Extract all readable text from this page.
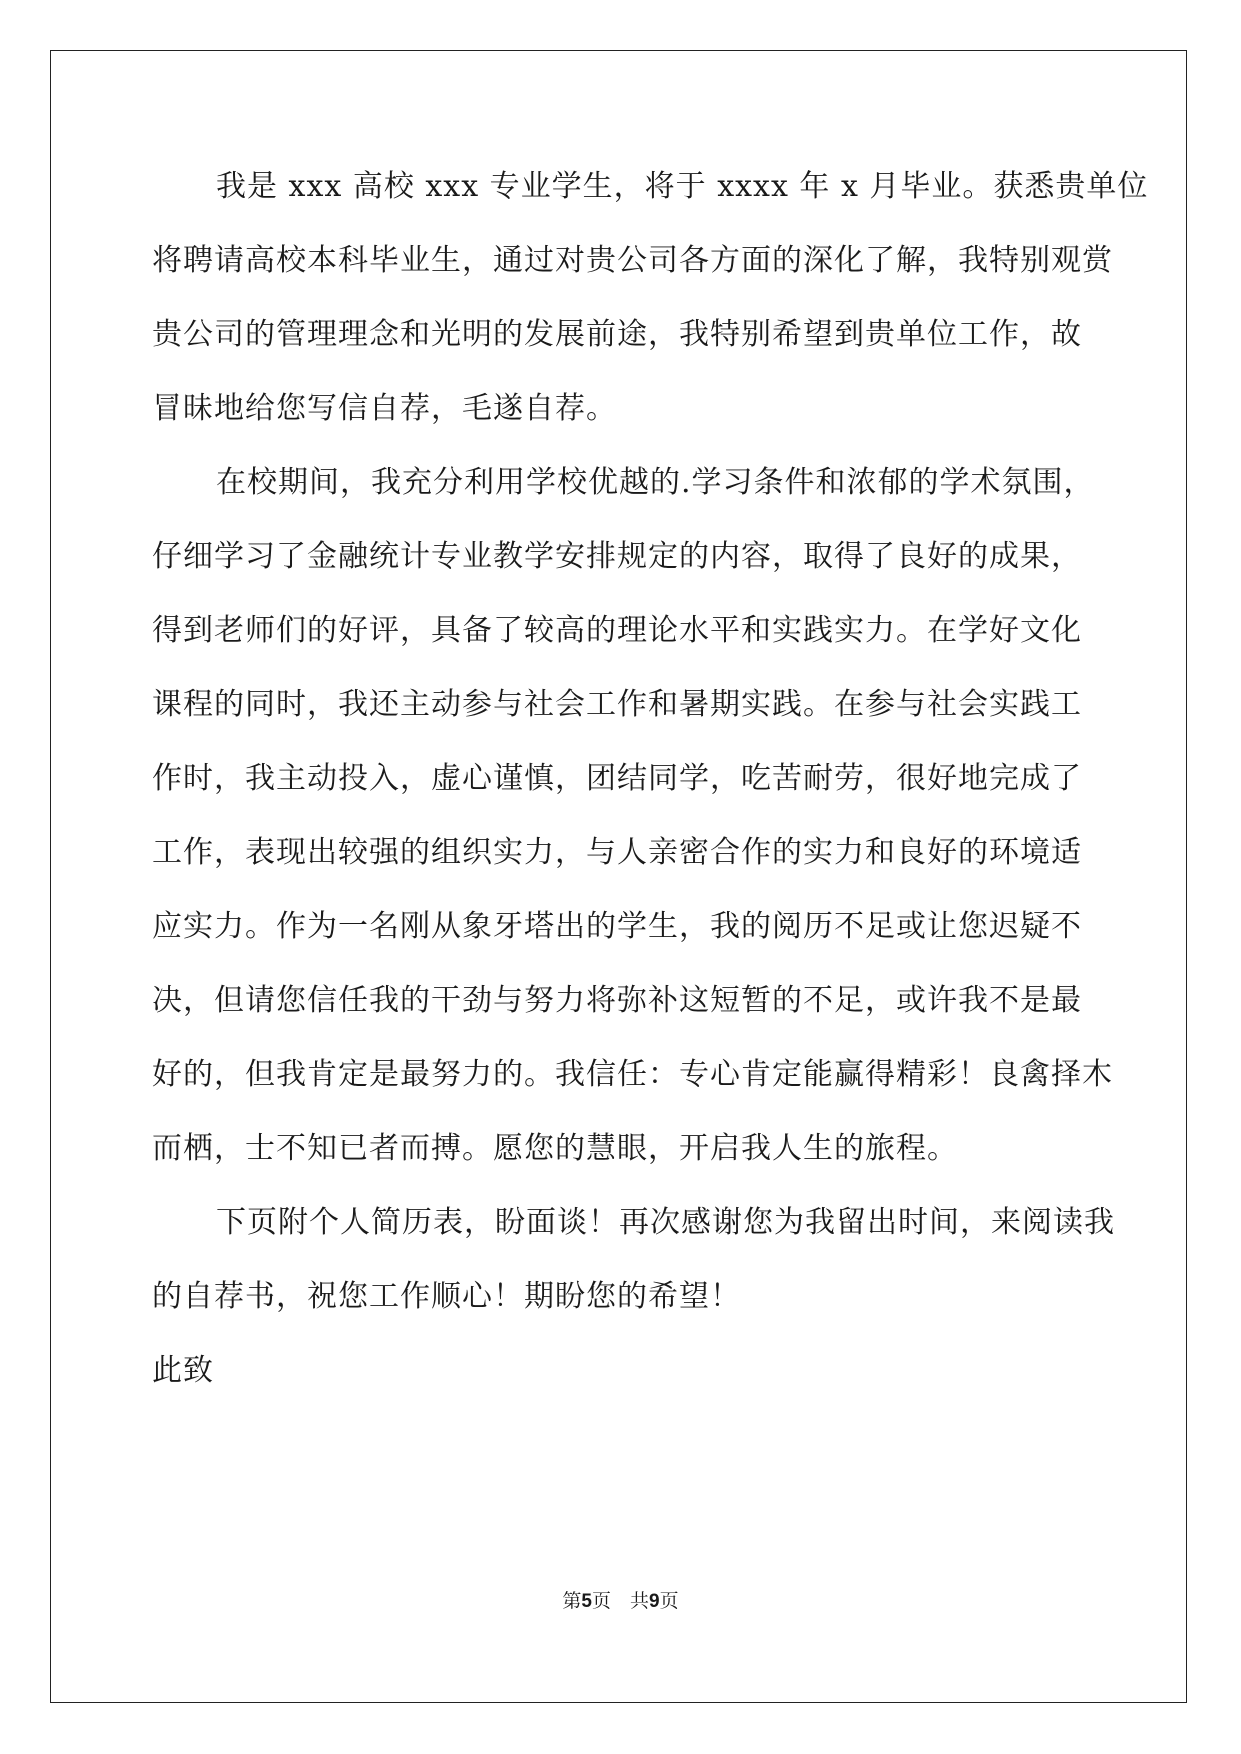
我是 xxx 高校 xxx 专业学生，将于 xxxx 年 x 月毕业。获悉贵单位
将聘请高校本科毕业生，通过对贵公司各方面的深化了解，我特别观赏
贵公司的管理理念和光明的发展前途，我特别希望到贵单位工作，故
冒昧地给您写信自荐，毛遂自荐。
在校期间，我充分利用学校优越的.学习条件和浓郁的学术氛围，
仔细学习了金融统计专业教学安排规定的内容，取得了良好的成果，
得到老师们的好评，具备了较高的理论水平和实践实力。在学好文化
课程的同时，我还主动参与社会工作和暑期实践。在参与社会实践工
作时，我主动投入，虚心谨慎，团结同学，吃苦耐劳，很好地完成了
工作，表现出较强的组织实力，与人亲密合作的实力和良好的环境适
应实力。作为一名刚从象牙塔出的学生，我的阅历不足或让您迟疑不
决，但请您信任我的干劲与努力将弥补这短暂的不足，或许我不是最
好的，但我肯定是最努力的。我信任：专心肯定能赢得精彩！良禽择木
而栖，士不知已者而搏。愿您的慧眼，开启我人生的旅程。
下页附个人简历表，盼面谈！再次感谢您为我留出时间，来阅读我
的自荐书，祝您工作顺心！期盼您的希望！
此致
第5页　共9页
